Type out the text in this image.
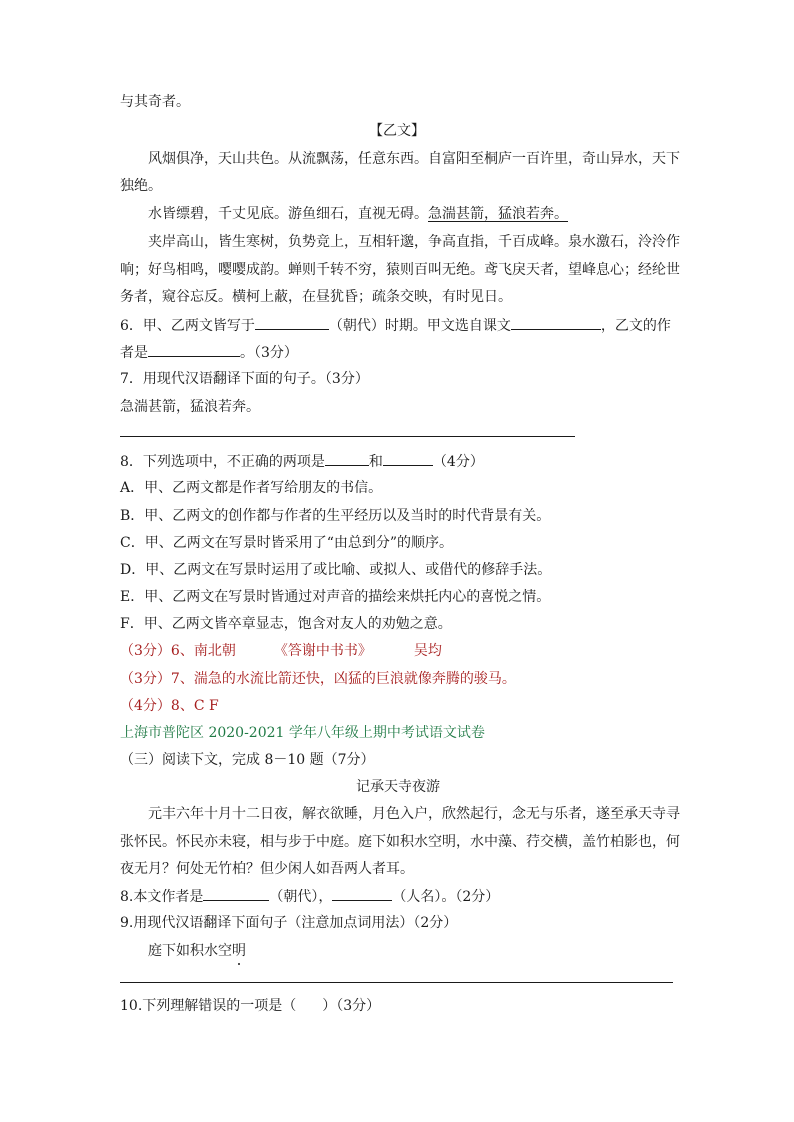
与其奇者。
【乙文】
风烟俱净，天山共色。从流飘荡，任意东西。自富阳至桐庐一百许里，奇山异水，天下
独绝。
水皆缥碧，千丈见底。游鱼细石，直视无碍。急湍甚箭，猛浪若奔。
夹岸高山，皆生寒树，负势竞上，互相轩邈，争高直指，千百成峰。泉水激石，泠泠作
响；好鸟相鸣，嘤嘤成韵。蝉则千转不穷，猿则百叫无绝。鸢飞戾天者，望峰息心；经纶世
务者，窥谷忘反。横柯上蔽，在昼犹昏；疏条交映，有时见日。
6．甲、乙两文皆写于	（朝代）时期。甲文选自课文	，乙文的作
者是	。（3分）
7．用现代汉语翻译下面的句子。（3分）
急湍甚箭，猛浪若奔。
8．下列选项中，不正确的两项是	和	（4分）
A．甲、乙两文都是作者写给朋友的书信。
B．甲、乙两文的创作都与作者的生平经历以及当时的时代背景有关。
C．甲、乙两文在写景时皆采用了“由总到分”的顺序。
D．甲、乙两文在写景时运用了或比喻、或拟人、或借代的修辞手法。
E．甲、乙两文在写景时皆通过对声音的描绘来烘托内心的喜悦之情。
F．甲、乙两文皆卒章显志，饱含对友人的劝勉之意。
（3分）6、南北朝	《答谢中书书》	吴均
（3分）7、湍急的水流比箭还快，凶猛的巨浪就像奔腾的骏马。
（4分）8、C F
上海市普陀区 2020-2021 学年八年级上期中考试语文试卷
（三）阅读下文，完成 8－10 题（7分）
记承天寺夜游
元丰六年十月十二日夜，解衣欲睡，月色入户，欣然起行，念无与乐者，遂至承天寺寻
张怀民。怀民亦未寝，相与步于中庭。庭下如积水空明，水中藻、荇交横，盖竹柏影也，何
夜无月？何处无竹柏？但少闲人如吾两人者耳。
8.本文作者是	（朝代），	（人名）。（2分）
9.用现代汉语翻译下面句子（注意加点词用法）（2分）
庭下如积水空明
10.下列理解错误的一项是（ ）（3分）
